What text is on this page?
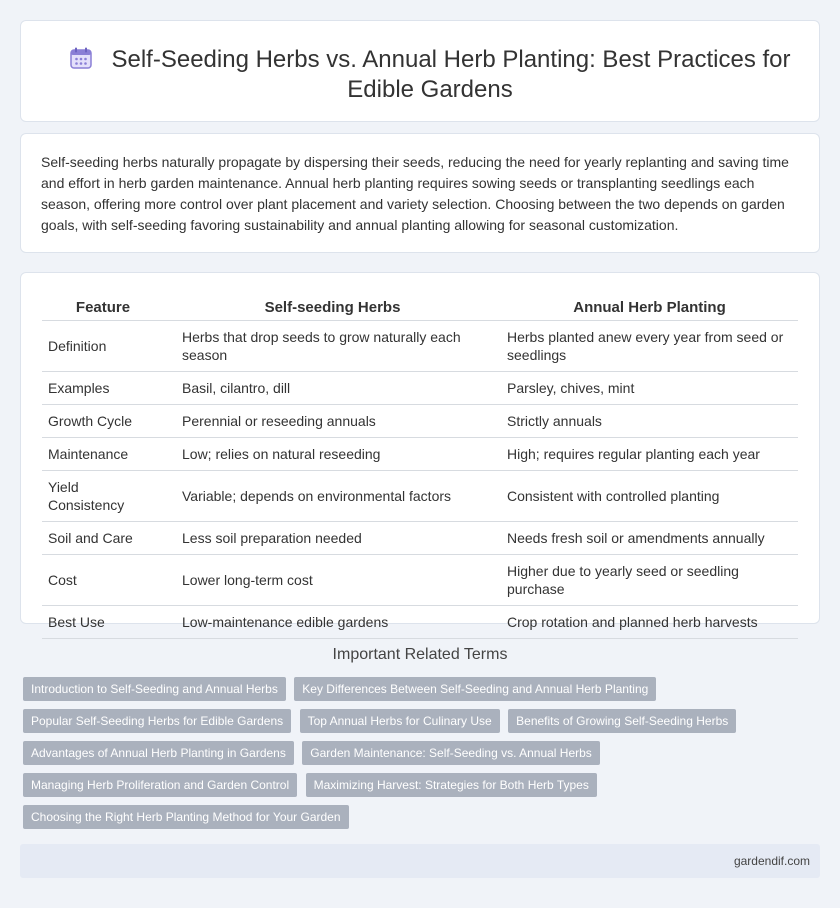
Self-Seeding Herbs vs. Annual Herb Planting: Best Practices for Edible Gardens

Self-seeding herbs naturally propagate by dispersing their seeds, reducing the need for yearly replanting and saving time and effort in herb garden maintenance. Annual herb planting requires sowing seeds or transplanting seedlings each season, offering more control over plant placement and variety selection. Choosing between the two depends on garden goals, with self-seeding favoring sustainability and annual planting allowing for seasonal customization.

Feature		Self-seeding Herbs		Annual Herb Planting
Definition		Herbs that drop seeds to grow naturally each season		Herbs planted anew every year from seed or seedlings
Examples		Basil, cilantro, dill		Parsley, chives, mint
Growth Cycle		Perennial or reseeding annuals		Strictly annuals
Maintenance		Low; relies on natural reseeding		High; requires regular planting each year
Yield Consistency		Variable; depends on environmental factors		Consistent with controlled planting
Soil and Care		Less soil preparation needed		Needs fresh soil or amendments annually
Cost		Lower long-term cost		Higher due to yearly seed or seedling purchase
Best Use		Low-maintenance edible gardens		Crop rotation and planned herb harvests
Important Related Terms
Introduction to Self-Seeding and Annual Herbs Key Differences Between Self-Seeding and Annual Herb Planting Popular Self-Seeding Herbs for Edible Gardens Top Annual Herbs for Culinary Use Benefits of Growing Self-Seeding Herbs Advantages of Annual Herb Planting in Gardens Garden Maintenance: Self-Seeding vs. Annual Herbs Managing Herb Proliferation and Garden Control Maximizing Harvest: Strategies for Both Herb Types Choosing the Right Herb Planting Method for Your Garden
gardendif.com
